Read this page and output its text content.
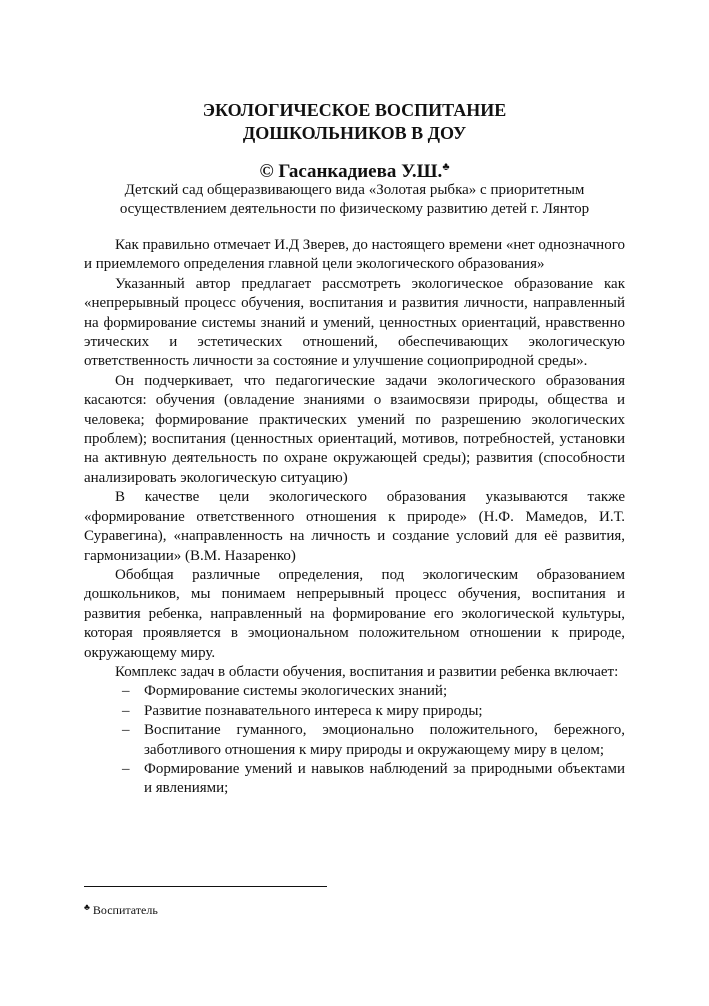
ЭКОЛОГИЧЕСКОЕ ВОСПИТАНИЕ
ДОШКОЛЬНИКОВ В ДОУ
© Гасанкадиева У.Ш.♣
Детский сад общеразвивающего вида «Золотая рыбка» с приоритетным
осуществлением деятельности по физическому развитию детей г. Лянтор

Как правильно отмечает И.Д Зверев, до настоящего времени «нет однозначного и приемлемого определения главной цели экологического образования»

Указанный автор предлагает рассмотреть экологическое образование как «непрерывный процесс обучения, воспитания и развития личности, направленный на формирование системы знаний и умений, ценностных ориентаций, нравственно этических и эстетических отношений, обеспечивающих экологическую ответственность личности за состояние и улучшение социоприродной среды».

Он подчеркивает, что педагогические задачи экологического образования касаются: обучения (овладение знаниями о взаимосвязи природы, общества и человека; формирование практических умений по разрешению экологических проблем); воспитания (ценностных ориентаций, мотивов, потребностей, установки на активную деятельность по охране окружающей среды); развития (способности анализировать экологическую ситуацию)

В качестве цели экологического образования указываются также «формирование ответственного отношения к природе» (Н.Ф. Мамедов, И.Т. Суравегина), «направленность на личность и создание условий для её развития, гармонизации» (В.М. Назаренко)

Обобщая различные определения, под экологическим образованием дошкольников, мы понимаем непрерывный процесс обучения, воспитания и развития ребенка, направленный на формирование его экологической культуры, которая проявляется в эмоциональном положительном отношении к природе, окружающему миру.

Комплекс задач в области обучения, воспитания и развитии ребенка включает:

– Формирование системы экологических знаний;
– Развитие познавательного интереса к миру природы;
– Воспитание гуманного, эмоционально положительного, бережного, заботливого отношения к миру природы и окружающему миру в целом;
– Формирование умений и навыков наблюдений за природными объектами и явлениями;
♣ Воспитатель
